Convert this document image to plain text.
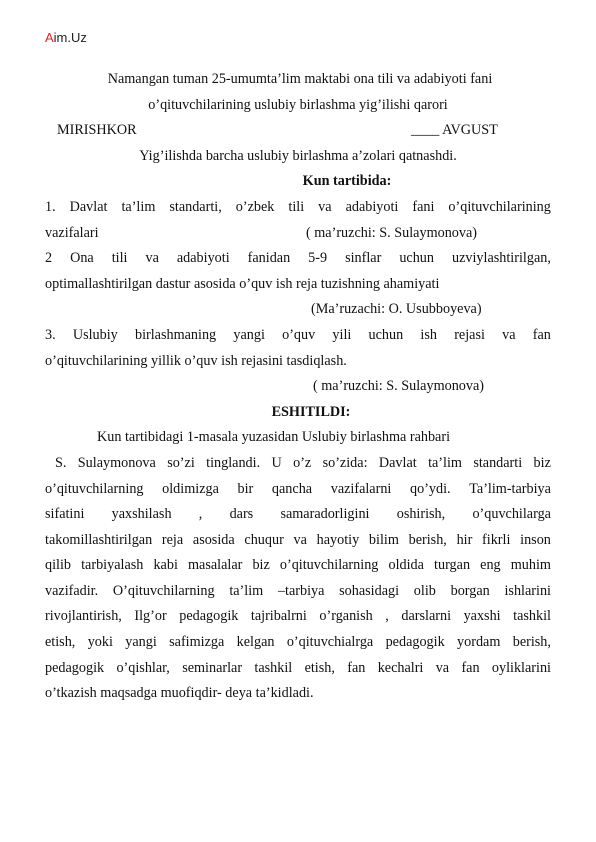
Aim.Uz
Namangan tuman 25-umumta’lim maktabi ona tili va adabiyoti fani
o’qituvchilarining uslubiy birlashma yig’ilishi qarori
MIRISHKOR	____ AVGUST
Yig’ilishda barcha uslubiy birlashma a’zolari qatnashdi.
Kun tartibida:
1. Davlat ta’lim standarti, o’zbek tili va adabiyoti fani o’qituvchilarining
vazifalari	( ma’ruzchi: S. Sulaymonova)
2 Ona tili va adabiyoti fanidan 5-9 sinflar uchun uzviylashtirilgan,
optimallashtirilgan dastur asosida o’quv ish reja tuzishning ahamiyati
(Ma’ruzachi: O. Usubboyeva)
3. Uslubiy birlashmaning yangi o’quv yili uchun ish rejasi va fan
o’qituvchilarining yillik o’quv ish rejasini tasdiqlash.
( ma’ruzchi: S. Sulaymonova)
ESHITILDI:
Kun tartibidagi 1-masala yuzasidan Uslubiy birlashma rahbari
S. Sulaymonova so’zi tinglandi. U o’z so’zida: Davlat ta’lim standarti biz
o’qituvchilarning oldimizga bir qancha vazifalarni qo’ydi. Ta’lim-tarbiya
sifatini yaxshilash , dars samaradorligini oshirish, o’quvchilarga
takomillashtirilgan reja asosida chuqur va hayotiy bilim berish, hir fikrli inson
qilib tarbiyalash kabi masalalar biz o’qituvchilarning oldida turgan eng muhim
vazifadir. O’qituvchilarning ta’lim –tarbiya sohasidagi olib borgan ishlarini
rivojlantirish, Ilg’or pedagogik tajribalrni o’rganish , darslarni yaxshi tashkil
etish, yoki yangi safimizga kelgan o’qituvchialrga pedagogik yordam berish,
pedagogik o’qishlar, seminarlar tashkil etish, fan kechalri va fan oyliklarini
o’tkazish maqsadga muofiqdir- deya ta’kidladi.
